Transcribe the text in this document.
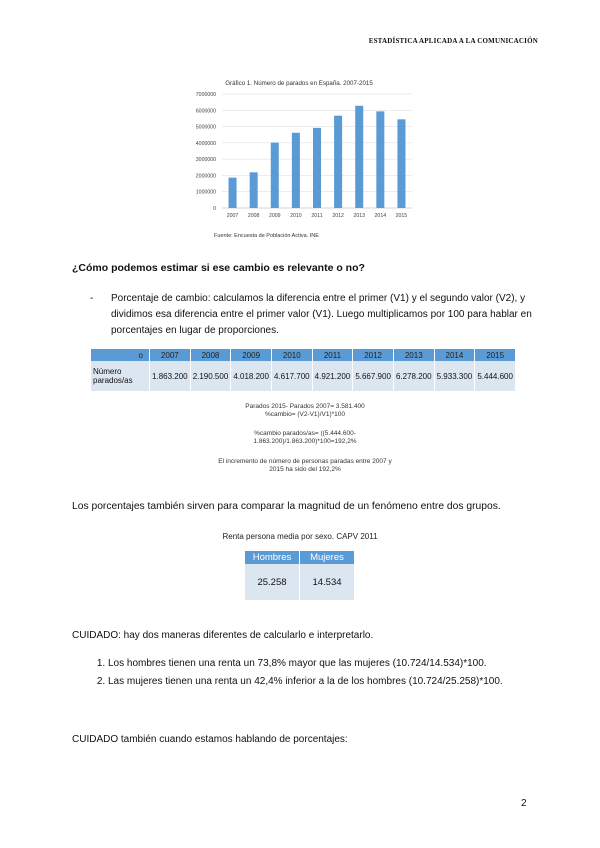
ESTADÍSTICA APLICADA A LA COMUNICACIÓN
Gráfico 1. Número de parados en España. 2007-2015
0
1000000
2000000
3000000
4000000
5000000
6000000
7000000
2007 2008 2009 2010 2011 2012 2013 2014 2015
Fuente: Encuesta de Población Activa. INE
¿Cómo podemos estimar si ese cambio es relevante o no?
-	Porcentaje de cambio: calculamos la diferencia entre el primer (V1) y el segundo valor (V2), y dividimos esa diferencia entre el primer valor (V1). Luego multiplicamos por 100 para hablar en porcentajes en lugar de proporciones.
o	2007	2008	2009	2010	2011	2012	2013	2014	2015
Número parados/as	1.863.200	2.190.500	4.018.200	4.617.700	4.921.200	5.667.900	6.278.200	5.933.300	5.444.600
Parados 2015- Parados 2007= 3.581.400
%cambio= (V2-V1)/V1)*100
%cambio parados/as= ((5.444.600-
1.863.200)/1.863.200)*100=192,2%
El incremento de número de personas paradas entre 2007 y
2015 ha sido del 192,2%
Los porcentajes también sirven para comparar la magnitud de un fenómeno entre dos grupos.
Renta persona media por sexo. CAPV 2011
Hombres	Mujeres
25.258	14.534
CUIDADO: hay dos maneras diferentes de calcularlo e interpretarlo.
1. Los hombres tienen una renta un 73,8% mayor que las mujeres (10.724/14.534)*100.
2. Las mujeres tienen una renta un 42,4% inferior a la de los hombres (10.724/25.258)*100.
CUIDADO también cuando estamos hablando de porcentajes:
2
